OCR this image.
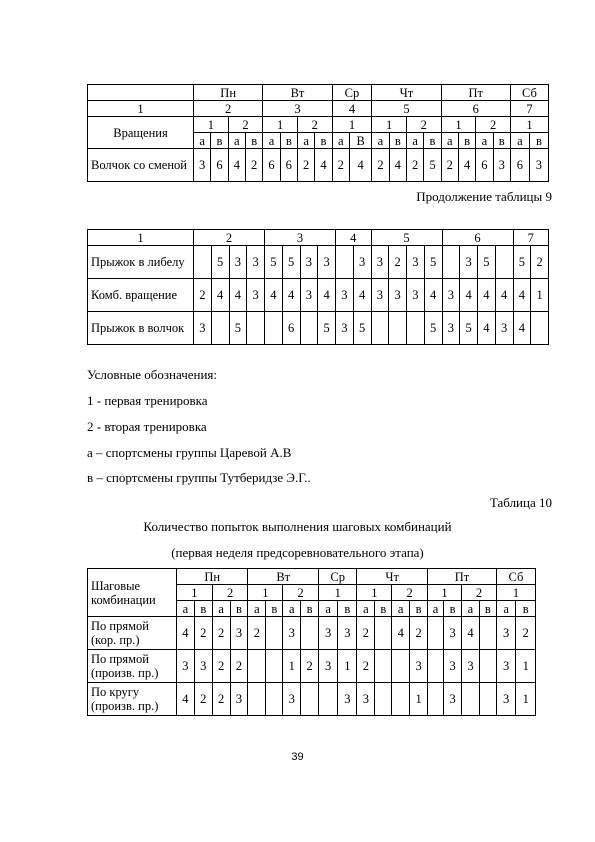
	Пн				Вт				Ср		Чт				Пт				Сб	
1	2				3				4		5				6				7	
Вращения	1		2		1		2		1		1		2		1		2		1	
	а	в	а	в	а	в	а	в	а	В	а	в	а	в	а	в	а	в	а	в
Волчок со сменой	3	6	4	2	6	6	2	4	2	4	2	4	2	5	2	4	6	3	6	3
Продолжение таблицы 9
1	2				3				4		5				6				7	
Прыжок в либелу		5	3	3	5	5	3	3		3	3	2	3	5		3	5		5	2
Комб. вращение	2	4	4	3	4	4	3	4	3	4	3	3	3	4	3	4	4	4	4	1
Прыжок в волчок	3		5			6		5	3	5				5	3	5	4	3	4	
Условные обозначения:
1 - первая тренировка
2 - вторая тренировка
а – спортсмены группы Царевой А.В
в – спортсмены группы Тутберидзе Э.Г..
Таблица 10
Количество попыток выполнения шаговых комбинаций
(первая неделя предсоревновательного этапа)
Шаговые комбинации	Пн				Вт				Ср		Чт				Пт				Сб	
	1		2		1		2		1		1		2		1		2		1	
	а	в	а	в	а	в	а	в	а	в	а	в	а	в	а	в	а	в	а	в
По прямой (кор. пр.)	4	2	2	3	2		3		3	3	2		4	2		3	4		3	2
По прямой (произв. пр.)	3	3	2	2			1	2	3	1	2			3		3	3		3	1
По кругу (произв. пр.)	4	2	2	3			3			3	3			1		3			3	1
39
